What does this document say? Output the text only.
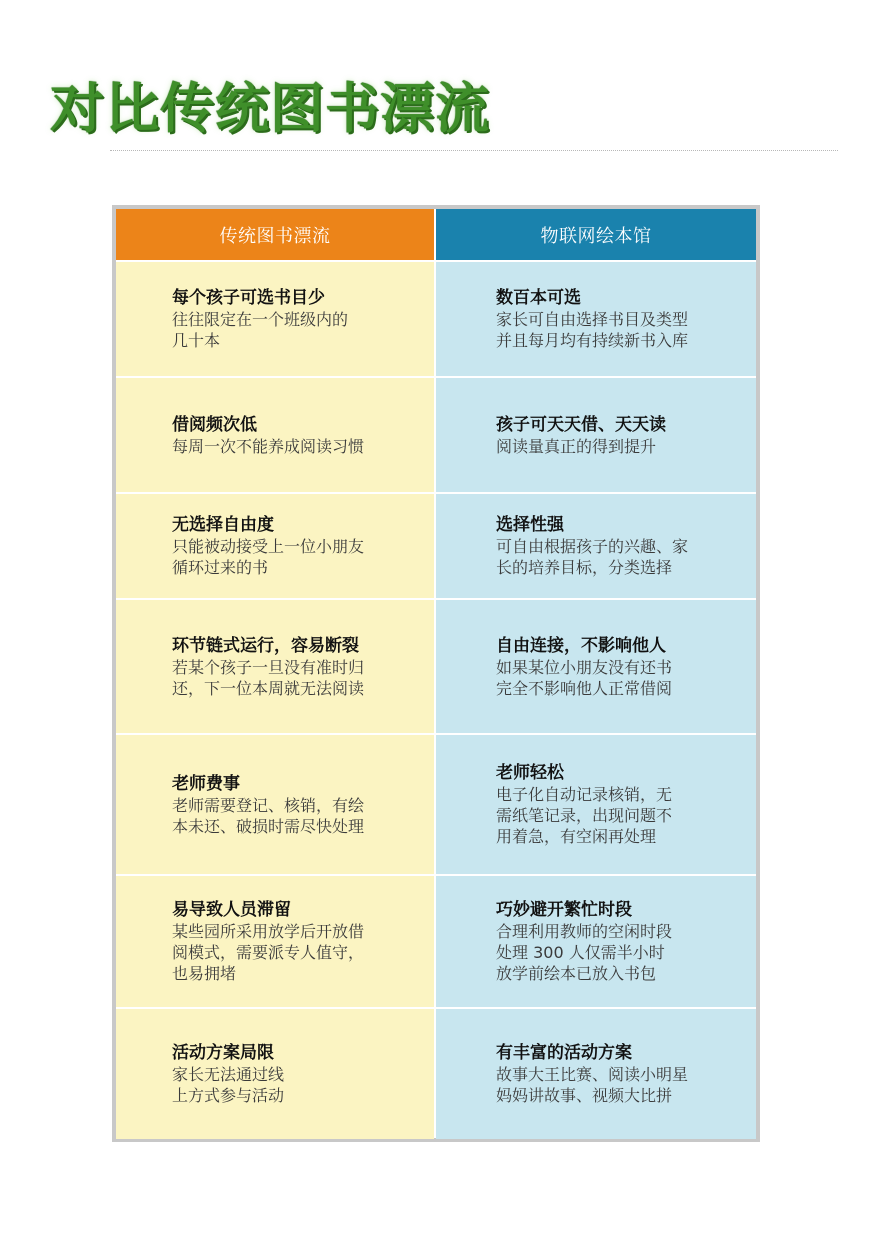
对比传统图书漂流
传统图书漂流	物联网绘本馆
每个孩子可选书目少
往往限定在一个班级内的
几十本
数百本可选
家长可自由选择书目及类型
并且每月均有持续新书入库
借阅频次低
每周一次不能养成阅读习惯
孩子可天天借、天天读
阅读量真正的得到提升
无选择自由度
只能被动接受上一位小朋友
循环过来的书
选择性强
可自由根据孩子的兴趣、家
长的培养目标，分类选择
环节链式运行，容易断裂
若某个孩子一旦没有准时归
还，下一位本周就无法阅读
自由连接，不影响他人
如果某位小朋友没有还书
完全不影响他人正常借阅
老师费事
老师需要登记、核销，有绘
本未还、破损时需尽快处理
老师轻松
电子化自动记录核销，无
需纸笔记录，出现问题不
用着急，有空闲再处理
易导致人员滞留
某些园所采用放学后开放借
阅模式，需要派专人值守，
也易拥堵
巧妙避开繁忙时段
合理利用教师的空闲时段
处理 300 人仅需半小时
放学前绘本已放入书包
活动方案局限
家长无法通过线
上方式参与活动
有丰富的活动方案
故事大王比赛、阅读小明星
妈妈讲故事、视频大比拼
